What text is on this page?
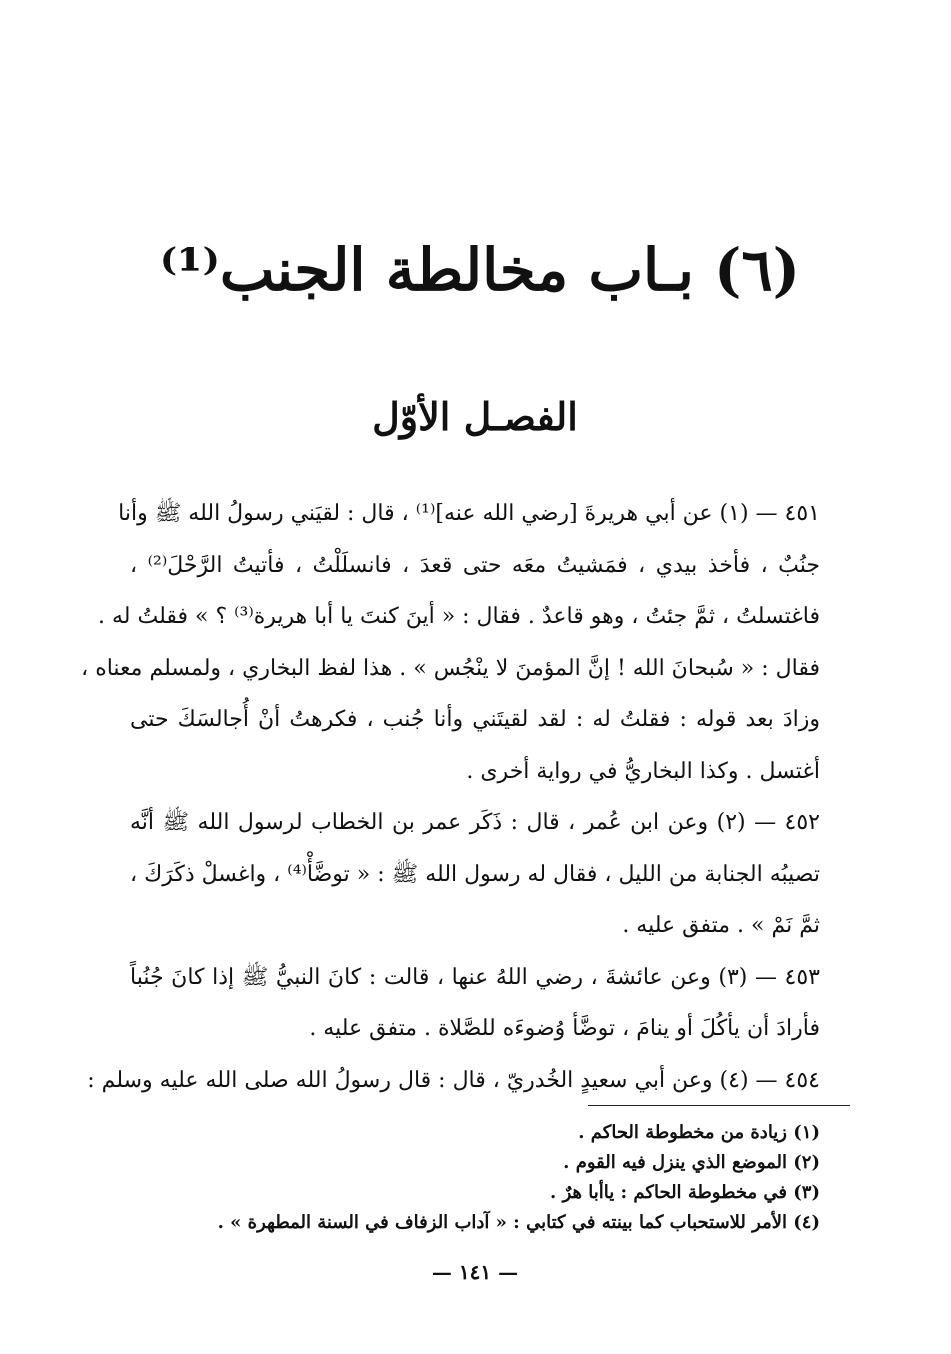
(٦) بـاب مخالطة الجنب⁽¹⁾
الفصـل الأوّل
٤٥١ — (١) عن أبي هريرةَ [رضي الله عنه]⁽¹⁾ ، قال : لقيَني رسولُ الله ﷺ وأنا
جنُبٌ ، فأخذ بيدي ، فمَشيتُ معَه حتى قعدَ ، فانسلَلْتُ ، فأتيتُ الرَّحْلَ⁽²⁾ ،
فاغتسلتُ ، ثمَّ جئتُ ، وهو قاعدٌ . فقال : « أينَ كنتَ يا أبا هريرة⁽³⁾ ؟ » فقلتُ له .
فقال : « سُبحانَ الله ! إنَّ المؤمنَ لا ينْجُس » . هذا لفظ البخاري ، ولمسلم معناه ،
وزادَ بعد قوله : فقلتُ له : لقد لقيتَني وأنا جُنب ، فكرهتُ أنْ أُجالسَكَ حتى
أغتسل . وكذا البخاريُّ في رواية أخرى .
٤٥٢ — (٢) وعن ابن عُمر ، قال : ذَكَر عمر بن الخطاب لرسول الله ﷺ أنَّه
تصيبُه الجنابة من الليل ، فقال له رسول الله ﷺ : « توضَّأْ⁽⁴⁾ ، واغسلْ ذكَرَكَ ،
ثمَّ نَمْ » . متفق عليه .
٤٥٣ — (٣) وعن عائشةَ ، رضي اللهُ عنها ، قالت : كانَ النبيُّ ﷺ إذا كانَ جُنُباً
فأرادَ أن يأكُلَ أو ينامَ ، توضَّأ وُضوءَه للصَّلاة . متفق عليه .
٤٥٤ — (٤) وعن أبي سعيدٍ الخُدريّ ، قال : قال رسولُ الله صلى الله عليه وسلم :
(١) زيادة من مخطوطة الحاكم .
(٢) الموضع الذي ينزل فيه القوم .
(٣) في مخطوطة الحاكم : ياأبا هرٌ .
(٤) الأمر للاستحباب كما بينته في كتابي : « آداب الزفاف في السنة المطهرة » .
— ١٤١ —
